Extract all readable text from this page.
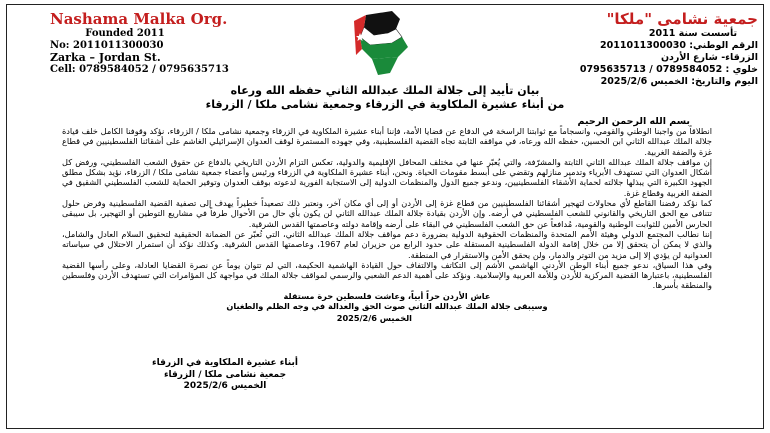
Nashama Malka Org.
Founded 2011
No: 2011011300030
Zarka – Jordan St.
Cell: 0789584052 / 0795635713
جمعية نشامى "ملكا"
تأسست سنة 2011
الرقم الوطني: 2011011300030
الزرقاء- شارع الأردن
خلوي : 0789584052 / 0795635713
اليوم والتاريخ: الخميس 2025/2/6
بيان تأييد إلى جلالة الملك عبدالله الثاني حفظه الله ورعاه
من أبناء عشيرة الملكاوية في الزرقاء وجمعية نشامى ملكا / الزرقاء
بسم الله الرحمن الرحيم

انطلاقاً من واجبنا الوطني والقومي، وانسجاماً مع ثوابتنا الراسخة في الدفاع عن قضايا الأمة، فإننا أبناء عشيرة الملكاوية في الزرقاء وجمعية نشامى ملكا / الزرقاء، نؤكد وقوفنا الكامل خلف قيادة جلالة الملك عبدالله الثاني ابن الحسين، حفظه الله ورعاه، في مواقفه الثابتة تجاه القضية الفلسطينية، وفي جهوده المستمرة لوقف العدوان الإسرائيلي الغاشم على أشقائنا الفلسطينيين في قطاع غزة والضفة الغربية.

إن مواقف جلالة الملك عبدالله الثاني الثابتة والمشرّفة، والتي يُعبّر عنها في مختلف المحافل الإقليمية والدولية، تعكس التزام الأردن التاريخي بالدفاع عن حقوق الشعب الفلسطيني، ورفض كل أشكال العدوان التي تستهدف الأبرياء وتدمير منازلهم وتقضي على أبسط مقومات الحياة. ونحن، أبناء عشيرة الملكاوية في الزرقاء ورئيس وأعضاء جمعية نشامى ملكا / الزرقاء، نؤيد بشكل مطلق الجهود الكبيرة التي يبذلها جلالته لحماية الأشقاء الفلسطينيين، وندعو جميع الدول والمنظمات الدولية إلى الاستجابة الفورية لدعوته بوقف العدوان وتوفير الحماية للشعب الفلسطيني الشقيق في الضفة الغربية وقطاع غزة.

كما نؤكد رفضنا القاطع لأي محاولات لتهجير أشقائنا الفلسطينيين من قطاع غزة إلى الأردن أو إلى أي مكان آخر، ونعتبر ذلك تصعيداً خطيراً يهدف إلى تصفية القضية الفلسطينية وفرض حلول تتنافى مع الحق التاريخي والقانوني للشعب الفلسطيني في أرضه. وإن الأردن بقيادة جلالة الملك عبدالله الثاني لن يكون بأي حال من الأحوال طرفاً في مشاريع التوطين أو التهجير، بل سيبقى الحارس الأمين للثوابت الوطنية والقومية، مُدافعاً عن حق الشعب الفلسطيني في البقاء على أرضه وإقامة دولته وعاصمتها القدس الشرقية.

إننا نطالب المجتمع الدولي وهيئة الأمم المتحدة والمنظمات الحقوقية الدولية بضرورة دعم مواقف جلالة الملك عبدالله الثاني، التي تُعبّر عن الضمانة الحقيقية لتحقيق السلام العادل والشامل، والذي لا يمكن أن يتحقق إلا من خلال إقامة الدولة الفلسطينية المستقلة على حدود الرابع من حزيران لعام 1967، وعاصمتها القدس الشرقية. وكذلك نؤكد أن استمرار الاحتلال في سياساته العدوانية لن يؤدي إلا إلى مزيد من التوتر والدمار، ولن يحقق الأمن والاستقرار في المنطقة.

وفي هذا السياق، ندعو جميع أبناء الوطن الأردني الهاشمي الأشم إلى التكاتف والالتفاف حول القيادة الهاشمية الحكيمة، التي لم تتوان يوماً عن نصرة القضايا العادلة، وعلى رأسها القضية الفلسطينية، باعتبارها القضية المركزية للأردن وللأمة العربية والإسلامية. ونؤكد على أهمية الدعم الشعبي والرسمي لمواقف جلالة الملك في مواجهة كل المؤامرات التي تستهدف الأردن وفلسطين والمنطقة بأسرها.

عاش الأردن حراً أبياً، وعاشت فلسطين حرة مستقلة

وسيبقى جلالة الملك عبدالله الثاني صوت الحق والعدالة في وجه الظلم والطغيان

الخميس 2025/2/6

أبناء عشيرة الملكاوية في الزرقاء
جمعية نشامى ملكا / الزرقاء
الخميس 2025/2/6
